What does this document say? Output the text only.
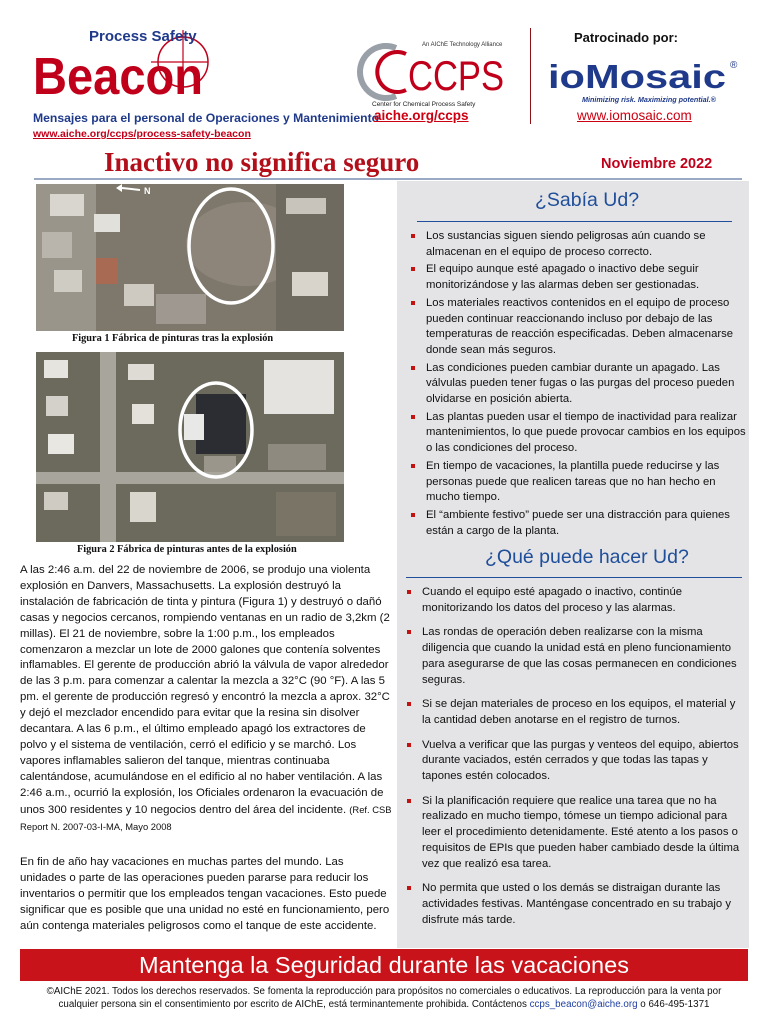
Process Safety
Beacon
Mensajes para el personal de Operaciones y Mantenimiento
www.aiche.org/ccps/process-safety-beacon
An AIChE Technology Alliance
CCPS
Center for Chemical Process Safety
aiche.org/ccps
Patrocinado por:
ioMosaic ®
Minimizing risk. Maximizing potential.®
www.iomosaic.com
Inactivo no significa seguro	Noviembre 2022
N
Figura 1 Fábrica de pinturas tras la explosión
Figura 2 Fábrica de pinturas antes de la explosión

A las 2:46 a.m. del 22 de noviembre de 2006, se produjo una violenta explosión en Danvers, Massachusetts. La explosión destruyó la instalación de fabricación de tinta y pintura (Figura 1) y destruyó o dañó casas y negocios cercanos, rompiendo ventanas en un radio de 3,2km (2 millas). El 21 de noviembre, sobre la 1:00 p.m., los empleados comenzaron a mezclar un lote de 2000 galones que contenía solventes inflamables. El gerente de producción abrió la válvula de vapor alrededor de las 3 p.m. para comenzar a calentar la mezcla a 32°C (90 °F). A las 5 pm. el gerente de producción regresó y encontró la mezcla a aprox. 32°C y dejó el mezclador encendido para evitar que la resina sin disolver decantara. A las 6 p.m., el último empleado apagó los extractores de polvo y el sistema de ventilación, cerró el edificio y se marchó. Los vapores inflamables salieron del tanque, mientras continuaba calentándose, acumulándose en el edificio al no haber ventilación. A las 2:46 a.m., ocurrió la explosión, los Oficiales ordenaron la evacuación de unos 300 residentes y 10 negocios dentro del área del incidente. (Ref. CSB Report N. 2007-03-I-MA, Mayo 2008

En fin de año hay vacaciones en muchas partes del mundo. Las unidades o parte de las operaciones pueden pararse para reducir los inventarios o permitir que los empleados tengan vacaciones. Esto puede significar que es posible que una unidad no esté en funcionamiento, pero aún contenga materiales peligrosos como el tanque de este accidente.

¿Sabía Ud?
Los sustancias siguen siendo peligrosas aún cuando se almacenan en el equipo de proceso correcto.
El equipo aunque esté apagado o inactivo debe seguir monitorizándose y las alarmas deben ser gestionadas.
Los materiales reactivos contenidos en el equipo de proceso pueden continuar reaccionando incluso por debajo de las temperaturas de reacción especificadas. Deben almacenarse donde sean más seguros.
Las condiciones pueden cambiar durante un apagado. Las válvulas pueden tener fugas o las purgas del proceso pueden olvidarse en posición abierta.
Las plantas pueden usar el tiempo de inactividad para realizar mantenimientos, lo que puede provocar cambios en los equipos o las condiciones del proceso.
En tiempo de vacaciones, la plantilla puede reducirse y las personas puede que realicen tareas que no han hecho en mucho tiempo.
El “ambiente festivo” puede ser una distracción para quienes están a cargo de la planta.
¿Qué puede hacer Ud?
Cuando el equipo esté apagado o inactivo, continúe monitorizando los datos del proceso y las alarmas.
Las rondas de operación deben realizarse con la misma diligencia que cuando la unidad está en pleno funcionamiento para asegurarse de que las cosas permanecen en condiciones seguras.
Si se dejan materiales de proceso en los equipos, el material y la cantidad deben anotarse en el registro de turnos.
Vuelva a verificar que las purgas y venteos del equipo, abiertos durante vaciados, estén cerrados y que todas las tapas y tapones estén colocados.
Si la planificación requiere que realice una tarea que no ha realizado en mucho tiempo, tómese un tiempo adicional para leer el procedimiento detenidamente. Esté atento a los pasos o requisitos de EPIs que pueden haber cambiado desde la última vez que realizó esa tarea.
No permita que usted o los demás se distraigan durante las actividades festivas. Manténgase concentrado en su trabajo y disfrute más tarde.
Mantenga la Seguridad durante las vacaciones
©AIChE 2021. Todos los derechos reservados. Se fomenta la reproducción para propósitos no comerciales o educativos. La reproducción para la venta por cualquier persona sin el consentimiento por escrito de AIChE, está terminantemente prohibida. Contáctenos ccps_beacon@aiche.org o 646-495-1371
